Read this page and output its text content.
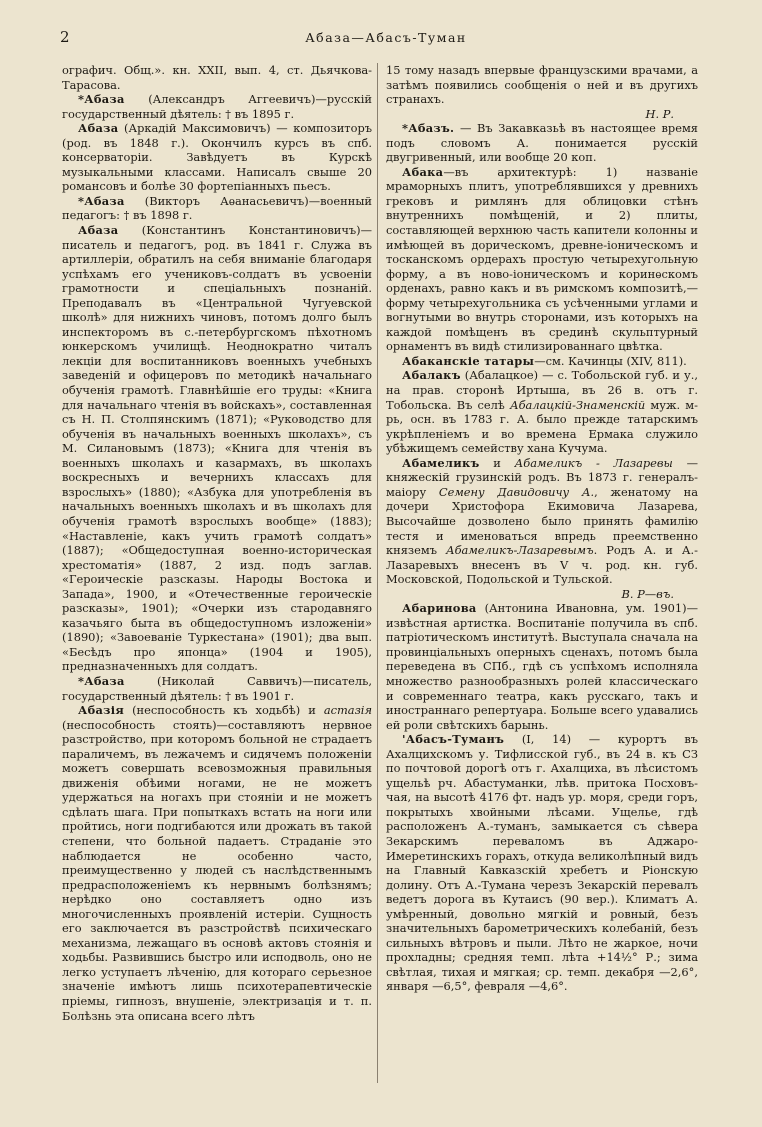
2	Абаза—Абасъ-Туман

ографич. Общ.». кн. XXII, вып. 4, ст. Дьячкова-Тарасова.

*Абаза (Александръ Аггеевичъ)—русскій государственный дѣятель: † въ 1895 г.

Абаза (Аркадій Максимовичъ) — композиторъ (род. въ 1848 г.). Окончилъ курсъ въ спб. консерваторіи. Завѣдуетъ въ Курскѣ музыкальными классами. Написалъ свыше 20 романсовъ и болѣе 30 фортепіанныхъ пьесъ.

*Абаза (Викторъ Аѳанасьевичъ)—военный педагогъ: † въ 1898 г.

Абаза (Константинъ Константиновичъ)—писатель и педагогъ, род. въ 1841 г. Служа въ артиллеріи, обратилъ на себя вниманіе благодаря успѣхамъ его учениковъ-солдатъ въ усвоеніи грамотности и спеціальныхъ познаній. Преподавалъ въ «Центральной Чугуевской школѣ» для нижнихъ чиновъ, потомъ долго былъ инспекторомъ въ с.-петербургскомъ пѣхотномъ юнкерскомъ училищѣ. Неоднократно читалъ лекціи для воспитанниковъ военныхъ учебныхъ заведеній и офицеровъ по методикѣ начальнаго обученія грамотѣ. Главнѣйшіе его труды: «Книга для начальнаго чтенія въ войскахъ», составленная съ Н. П. Столпянскимъ (1871); «Руководство для обученія въ начальныхъ военныхъ школахъ», съ М. Силановымъ (1873); «Книга для чтенія въ военныхъ школахъ и казармахъ, въ школахъ воскресныхъ и вечернихъ классахъ для взрослыхъ» (1880); «Азбука для употребленія въ начальныхъ военныхъ школахъ и въ школахъ для обученія грамотѣ взрослыхъ вообще» (1883); «Наставленіе, какъ учить грамотѣ солдатъ» (1887); «Общедоступная военно-историческая хрестоматія» (1887, 2 изд. подъ заглав. «Героическіе разсказы. Народы Востока и Запада», 1900, и «Отечественные героическіе разсказы», 1901); «Очерки изъ стародавняго казачьяго быта въ общедоступномъ изложеніи» (1890); «Завоеваніе Туркестана» (1901); два вып. «Бесѣдъ про японца» (1904 и 1905), предназначенныхъ для солдатъ.

*Абаза (Николай Саввичъ)—писатель, государственный дѣятель: † въ 1901 г.

Абазія (неспособность къ ходьбѣ) и астазія (неспособность стоять)—составляютъ нервное разстройство, при которомъ больной не страдаетъ параличемъ, въ лежачемъ и сидячемъ положеніи можетъ совершать всевозможныя правильныя движенія обѣими ногами, не не можетъ удержаться на ногахъ при стояніи и не можетъ сдѣлать шага. При попыткахъ встать на ноги или пройтись, ноги подгибаются или дрожать въ такой степени, что больной падаетъ. Страданіе это наблюдается не особенно часто, преимущественно у людей съ наслѣдственнымъ предрасположеніемъ къ нервнымъ болѣзнямъ; нерѣдко оно составляетъ одно изъ многочисленныхъ проявленій истеріи. Сущность его заключается въ разстройствѣ психическаго механизма, лежащаго въ основѣ актовъ стоянія и ходьбы. Развившись быстро или исподволь, оно не легко уступаетъ лѣченію, для котораго серьезное значеніе имѣютъ лишь психотерапевтическіе пріемы, гипнозъ, внушеніе, электризація и т. п. Болѣзнь эта описана всего лѣтъ

15 тому назадъ впервые французскими врачами, а затѣмъ появились сообщенія о ней и въ другихъ странахъ.

Н. Р.

*Абазъ. — Въ Закавказьѣ въ настоящее время подъ словомъ А. понимается русскій двугривенный, или вообще 20 коп.

Абака—въ архитектурѣ: 1) названіе мраморныхъ плитъ, употреблявшихся у древнихъ грековъ и римлянъ для облицовки стѣнъ внутреннихъ помѣщеній, и 2) плиты, составляющей верхнюю часть капители колонны и имѣющей въ дорическомъ, древне-іоническомъ и тосканскомъ ордерахъ простую четырехугольную форму, а въ ново-іоническомъ и коринѳскомъ орденахъ, равно какъ и въ римскомъ композитѣ,—форму четырехугольника съ усѣченными углами и вогнутыми во внутрь сторонами, изъ которыхъ на каждой помѣщенъ въ срединѣ скульптурный орнаментъ въ видѣ стилизированнаго цвѣтка.

Абаканскіе татары—см. Качинцы (XIV, 811).

Абалакъ (Абалацкое) — с. Тобольской губ. и у., на прав. сторонѣ Иртыша, въ 26 в. отъ г. Тобольска. Въ селѣ Абалацкій-Знаменскій муж. м-рь, осн. въ 1783 г. А. было прежде татарскимъ укрѣпленіемъ и во времена Ермака служило убѣжищемъ семейству хана Кучума.

Абамеликъ и Абамеликъ - Лазаревы — княжескій грузинскій родъ. Въ 1873 г. генералъ-маіору Семену Давидовичу А., женатому на дочери Христофора Екимовича Лазарева, Высочайше дозволено было принять фамилію тестя и именоваться впредь преемственно княземъ Абамеликъ-Лазаревымъ. Родъ А. и А.-Лазаревыхъ внесенъ въ V ч. род. кн. губ. Московской, Подольской и Тульской.

В. Р—въ.

Абаринова (Антонина Ивановна, ум. 1901)—извѣстная артистка. Воспитаніе получила въ спб. патріотическомъ институтѣ. Выступала сначала на провинціальныхъ оперныхъ сценахъ, потомъ была переведена въ СПб., гдѣ съ успѣхомъ исполняла множество разнообразныхъ ролей классическаго и современнаго театра, какъ русскаго, такъ и иностраннаго репертуара. Больше всего удавались ей роли свѣтскихъ барынь.

'Абасъ-Туманъ (I, 14) — курортъ въ Ахалцихскомъ у. Тифлисской губ., въ 24 в. къ СЗ по почтовой дорогѣ отъ г. Ахалциха, въ лѣсистомъ ущельѣ рч. Абастуманки, лѣв. притока Посховъ-чая, на высотѣ 4176 фт. надъ ур. моря, среди горъ, покрытыхъ хвойными лѣсами. Ущелье, гдѣ расположенъ А.-туманъ, замыкается съ сѣвера Зекарскимъ переваломъ въ Аджаро-Имеретинскихъ горахъ, откуда великолѣпный видъ на Главный Кавказскій хребетъ и Ріонскую долину. Отъ А.-Тумана черезъ Зекарскій перевалъ ведетъ дорога въ Кутаисъ (90 вер.). Климатъ А. умѣренный, довольно мягкій и ровный, безъ значительныхъ барометрическихъ колебаній, безъ сильныхъ вѣтровъ и пыли. Лѣто не жаркое, ночи прохладны; средняя темп. лѣта +14½° Р.; зима свѣтлая, тихая и мягкая; ср. темп. декабря —2,6°, января —6,5°, февраля —4,6°.
